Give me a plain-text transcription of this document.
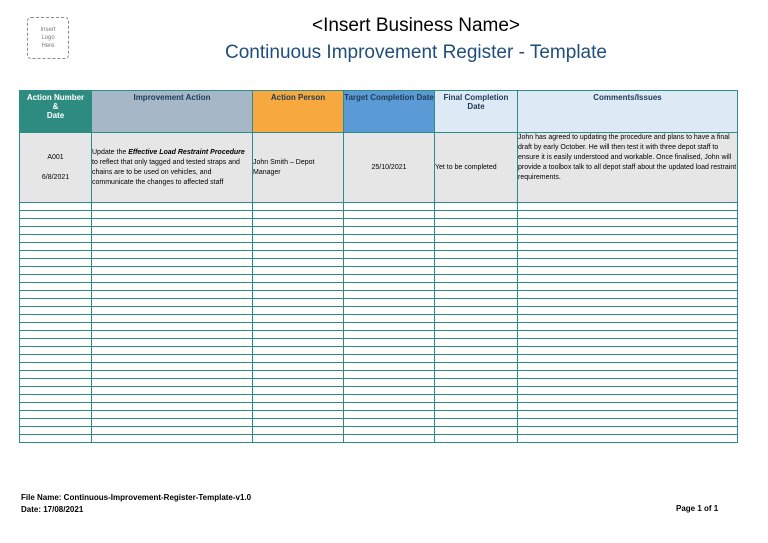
Insert
Logo
Here
<Insert Business Name>
Continuous Improvement Register - Template
Action Number
&
Date	Improvement Action	Action Person	Target Completion Date	Final Completion Date	Comments/Issues

A001
6/8/2021	Update the Effective Load Restraint Procedure to reflect that only tagged and tested straps and chains are to be used on vehicles, and communicate the changes to affected staff	John Smith – Depot Manager	25/10/2021	Yet to be completed	John has agreed to updating the procedure and plans to have a final draft by early October. He will then test it with three depot staff to ensure it is easily understood and workable. Once finalised, John will provide a toolbox talk to all depot staff about the updated load restraint requirements.

File Name: Continuous-Improvement-Register-Template-v1.0
Date: 17/08/2021	Page 1 of 1
